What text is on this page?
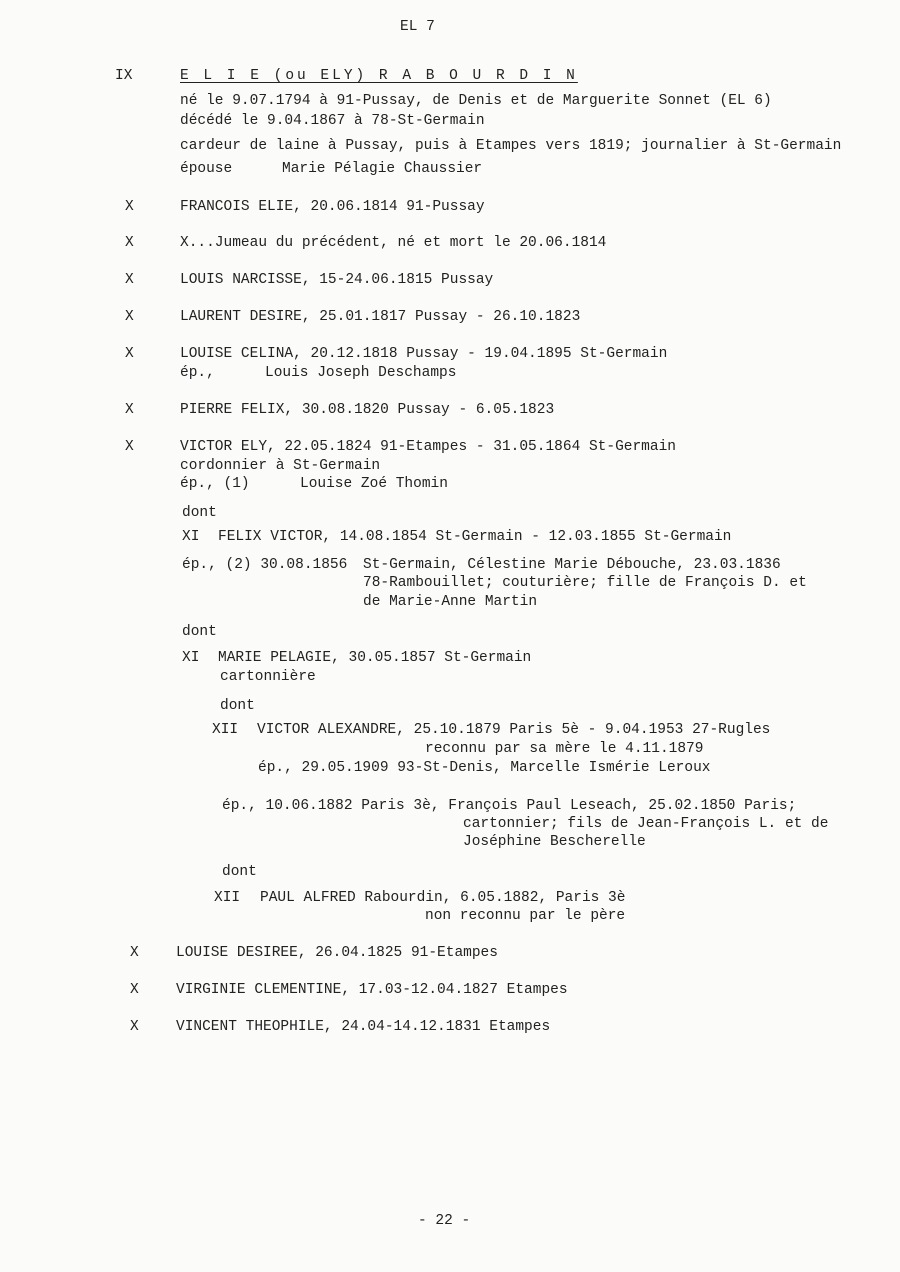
EL 7
IX	E L I E (ou ELY) R A B O U R D I N
né le 9.07.1794 à 91-Pussay, de Denis et de Marguerite Sonnet (EL 6)
décédé le 9.04.1867 à 78-St-Germain
cardeur de laine à Pussay, puis à Etampes vers 1819; journalier à St-Germain
épouse	Marie Pélagie Chaussier
X	FRANCOIS ELIE, 20.06.1814 91-Pussay
X	X...Jumeau du précédent, né et mort le 20.06.1814
X	LOUIS NARCISSE, 15-24.06.1815 Pussay
X	LAURENT DESIRE, 25.01.1817 Pussay - 26.10.1823
X	LOUISE CELINA, 20.12.1818 Pussay - 19.04.1895 St-Germain
ép.,	Louis Joseph Deschamps
X	PIERRE FELIX, 30.08.1820 Pussay - 6.05.1823
X	VICTOR ELY, 22.05.1824 91-Etampes - 31.05.1864 St-Germain
cordonnier à St-Germain
ép., (1)	Louise Zoé Thomin
dont
XI FELIX VICTOR, 14.08.1854 St-Germain - 12.03.1855 St-Germain
ép., (2) 30.08.1856 St-Germain, Célestine Marie Débouche, 23.03.1836
78-Rambouillet; couturière; fille de François D. et
de Marie-Anne Martin
dont
XI MARIE PELAGIE, 30.05.1857 St-Germain
cartonnière
dont
XII VICTOR ALEXANDRE, 25.10.1879 Paris 5è - 9.04.1953 27-Rugles
reconnu par sa mère le 4.11.1879
ép., 29.05.1909 93-St-Denis, Marcelle Ismérie Leroux
ép., 10.06.1882 Paris 3è, François Paul Leseach, 25.02.1850 Paris;
cartonnier; fils de Jean-François L. et de
Joséphine Bescherelle
dont
XII PAUL ALFRED Rabourdin, 6.05.1882, Paris 3è
non reconnu par le père
X	LOUISE DESIREE, 26.04.1825 91-Etampes
X	VIRGINIE CLEMENTINE, 17.03-12.04.1827 Etampes
X	VINCENT THEOPHILE, 24.04-14.12.1831 Etampes
- 22 -
